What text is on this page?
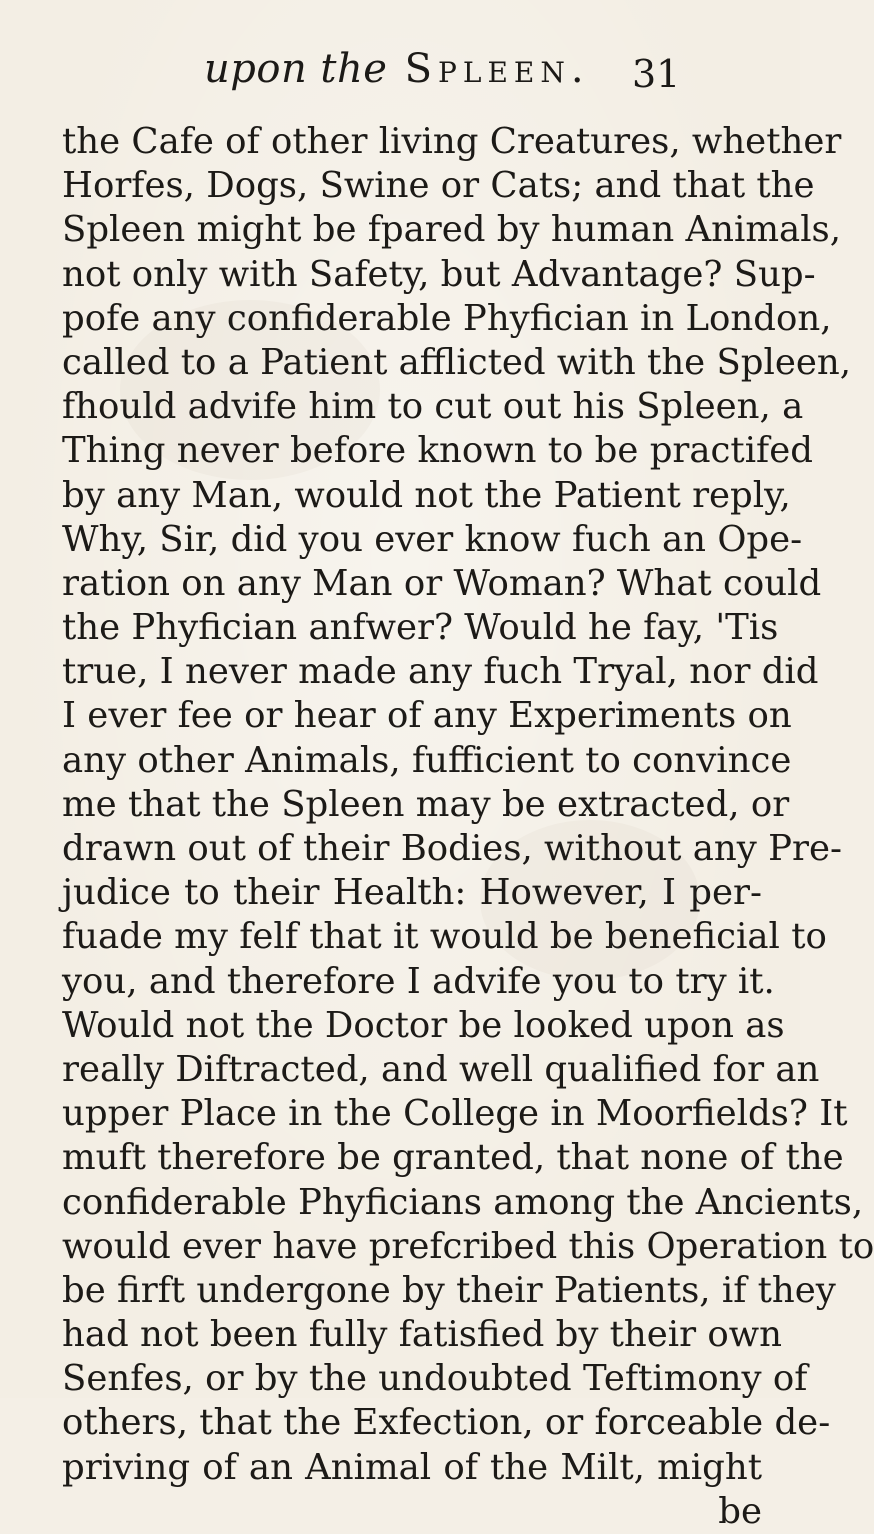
upon the Spleen. 31
the Cafe of other living Creatures, whether
Horfes, Dogs, Swine or Cats; and that the
Spleen might be fpared by human Animals,
not only with Safety, but Advantage? Sup-
pofe any confiderable Phyfician in London,
called to a Patient afflicted with the Spleen,
fhould advife him to cut out his Spleen, a
Thing never before known to be practifed
by any Man, would not the Patient reply,
Why, Sir, did you ever know fuch an Ope-
ration on any Man or Woman? What could
the Phyfician anfwer? Would he fay, 'Tis
true, I never made any fuch Tryal, nor did
I ever fee or hear of any Experiments on
any other Animals, fufficient to convince
me that the Spleen may be extracted, or
drawn out of their Bodies, without any Pre-
judice to their Health: However, I per-
fuade my felf that it would be beneficial to
you, and therefore I advife you to try it.
Would not the Doctor be looked upon as
really Diftracted, and well qualified for an
upper Place in the College in Moorfields? It
muft therefore be granted, that none of the
confiderable Phyficians among the Ancients,
would ever have prefcribed this Operation to
be firft undergone by their Patients, if they
had not been fully fatisfied by their own
Senfes, or by the undoubted Teftimony of
others, that the Exfection, or forceable de-
priving of an Animal of the Milt, might
be
